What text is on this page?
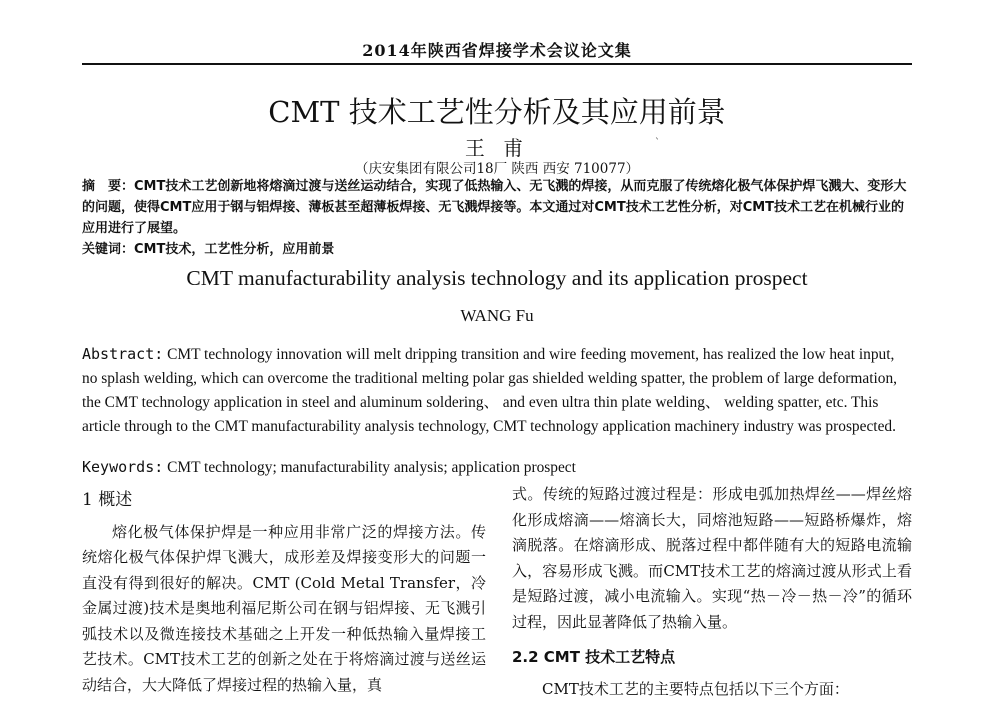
2014年陕西省焊接学术会议论文集
CMT 技术工艺性分析及其应用前景
ˋ
王 甫
（庆安集团有限公司18厂 陕西 西安 710077）
摘　要：CMT技术工艺创新地将熔滴过渡与送丝运动结合，实现了低热输入、无飞溅的焊接，从而克服了传统熔化极气体保护焊飞溅大、变形大的问题，使得CMT应用于钢与铝焊接、薄板甚至超薄板焊接、无飞溅焊接等。本文通过对CMT技术工艺性分析，对CMT技术工艺在机械行业的应用进行了展望。
关键词：CMT技术，工艺性分析，应用前景
CMT manufacturability analysis technology and its application prospect
WANG Fu
Abstract: CMT technology innovation will melt dripping transition and wire feeding movement, has realized the low heat input, no splash welding, which can overcome the traditional melting polar gas shielded welding spatter, the problem of large deformation, the CMT technology application in steel and aluminum soldering、 and even ultra thin plate welding、 welding spatter, etc. This article through to the CMT manufacturability analysis technology, CMT technology application machinery industry was prospected.
Keywords: CMT technology; manufacturability analysis; application prospect
1 概述

熔化极气体保护焊是一种应用非常广泛的焊接方法。传统熔化极气体保护焊飞溅大，成形差及焊接变形大的问题一直没有得到很好的解决。CMT (Cold Metal Transfer，冷金属过渡)技术是奥地利福尼斯公司在钢与铝焊接、无飞溅引弧技术以及微连接技术基础之上开发一种低热输入量焊接工艺技术。CMT技术工艺的创新之处在于将熔滴过渡与送丝运动结合，大大降低了焊接过程的热输入量，真

式。传统的短路过渡过程是：形成电弧加热焊丝——焊丝熔化形成熔滴——熔滴长大，同熔池短路——短路桥爆炸，熔滴脱落。在熔滴形成、脱落过程中都伴随有大的短路电流输入，容易形成飞溅。而CMT技术工艺的熔滴过渡从形式上看是短路过渡，减小电流输入。实现“热－冷－热－冷”的循环过程，因此显著降低了热输入量。

2.2 CMT 技术工艺特点

CMT技术工艺的主要特点包括以下三个方面：
